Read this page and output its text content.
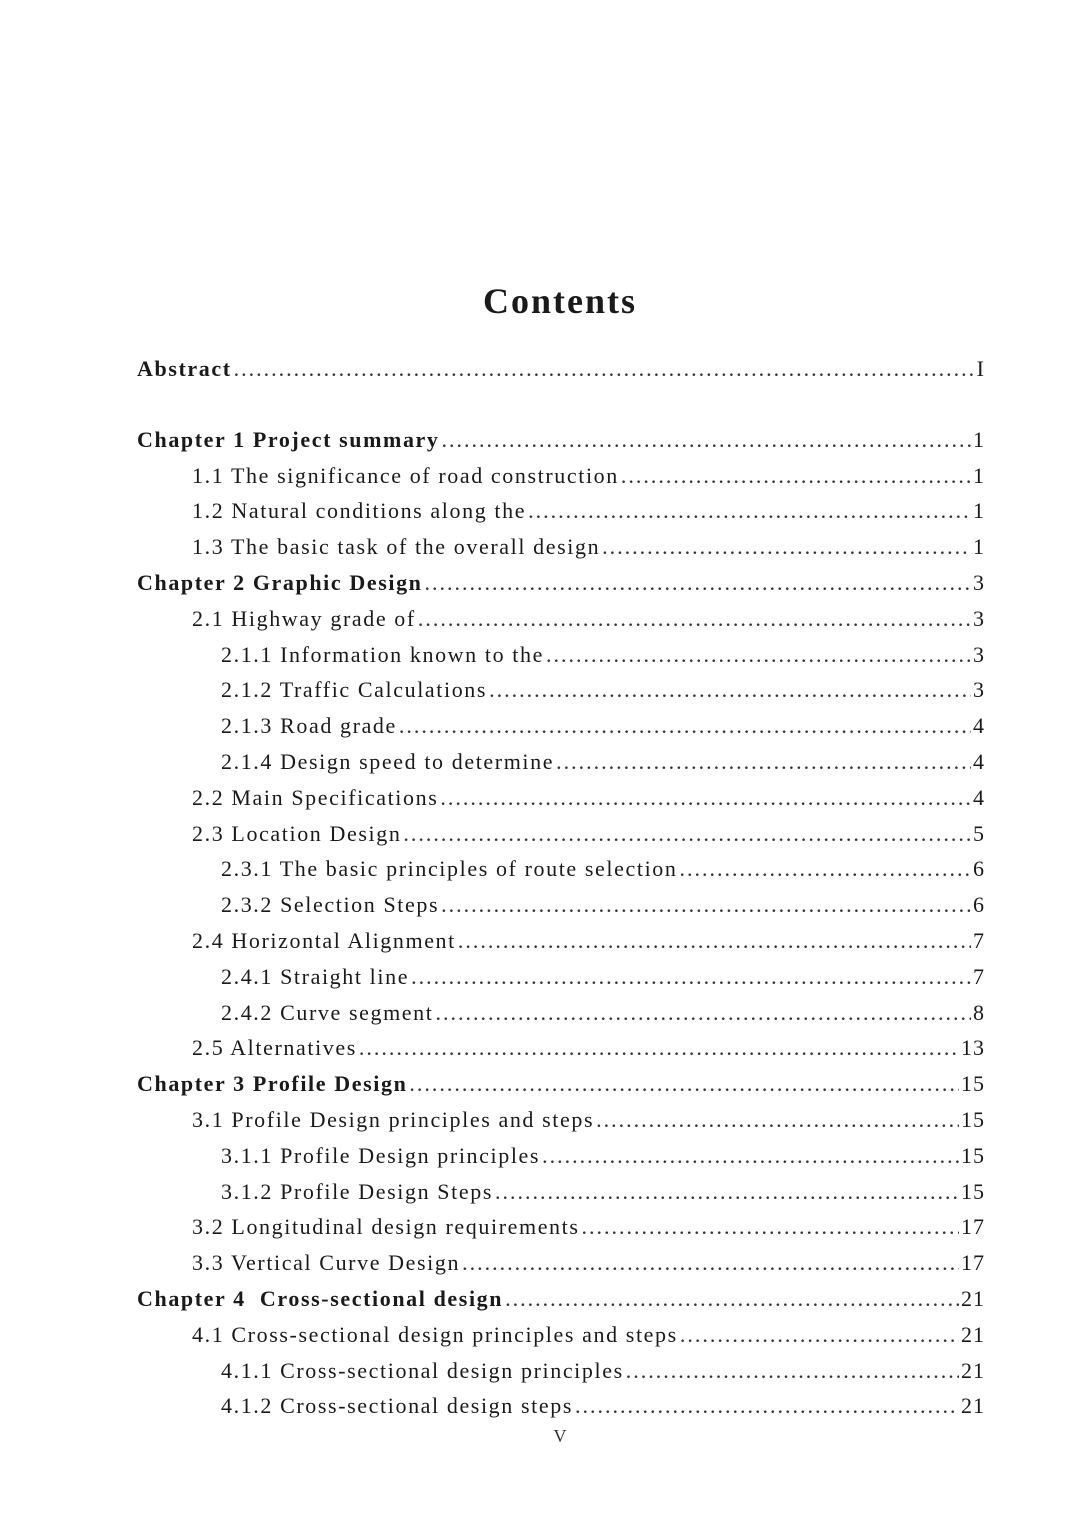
Contents
Abstract .....	I
Chapter 1 Project summary .....	1
1.1 The significance of road construction .....	1
1.2 Natural conditions along the .....	1
1.3 The basic task of the overall design .....	1
Chapter 2 Graphic Design .....	3
2.1 Highway grade of .....	3
2.1.1 Information known to the .....	3
2.1.2 Traffic Calculations .....	3
2.1.3 Road grade .....	4
2.1.4 Design speed to determine .....	4
2.2 Main Specifications .....	4
2.3 Location Design .....	5
2.3.1 The basic principles of route selection .....	6
2.3.2 Selection Steps .....	6
2.4 Horizontal Alignment .....	7
2.4.1 Straight line .....	7
2.4.2 Curve segment .....	8
2.5 Alternatives .....	13
Chapter 3 Profile Design .....	15
3.1 Profile Design principles and steps .....	15
3.1.1 Profile Design principles .....	15
3.1.2 Profile Design Steps .....	15
3.2 Longitudinal design requirements .....	17
3.3 Vertical Curve Design .....	17
Chapter 4  Cross-sectional design .....	21
4.1 Cross-sectional design principles and steps .....	21
4.1.1 Cross-sectional design principles .....	21
4.1.2 Cross-sectional design steps .....	21
V
